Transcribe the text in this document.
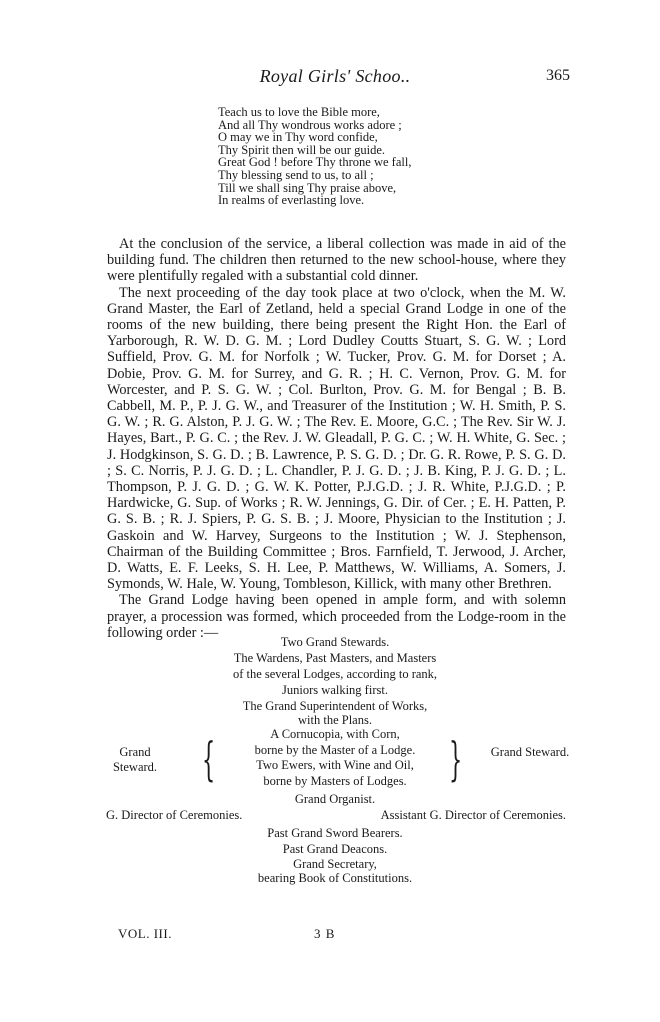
Royal Girls' Schoo..	365
Teach us to love the Bible more,
And all Thy wondrous works adore ;
O may we in Thy word confide,
Thy Spirit then will be our guide.
Great God ! before Thy throne we fall,
Thy blessing send to us, to all ;
Till we shall sing Thy praise above,
In realms of everlasting love.

At the conclusion of the service, a liberal collection was made in aid of the building fund. The children then returned to the new school-house, where they were plentifully regaled with a substantial cold dinner.

The next proceeding of the day took place at two o'clock, when the M. W. Grand Master, the Earl of Zetland, held a special Grand Lodge in one of the rooms of the new building, there being present the Right Hon. the Earl of Yarborough, R. W. D. G. M. ; Lord Dudley Coutts Stuart, S. G. W. ; Lord Suffield, Prov. G. M. for Norfolk ; W. Tucker, Prov. G. M. for Dorset ; A. Dobie, Prov. G. M. for Surrey, and G. R. ; H. C. Vernon, Prov. G. M. for Worcester, and P. S. G. W. ; Col. Burlton, Prov. G. M. for Bengal ; B. B. Cabbell, M. P., P. J. G. W., and Treasurer of the Institution ; W. H. Smith, P. S. G. W. ; R. G. Alston, P. J. G. W. ; The Rev. E. Moore, G.C. ; The Rev. Sir W. J. Hayes, Bart., P. G. C. ; the Rev. J. W. Gleadall, P. G. C. ; W. H. White, G. Sec. ; J. Hodgkinson, S. G. D. ; B. Lawrence, P. S. G. D. ; Dr. G. R. Rowe, P. S. G. D. ; S. C. Norris, P. J. G. D. ; L. Chandler, P. J. G. D. ; J. B. King, P. J. G. D. ; L. Thompson, P. J. G. D. ; G. W. K. Potter, P.J.G.D. ; J. R. White, P.J.G.D. ; P. Hardwicke, G. Sup. of Works ; R. W. Jennings, G. Dir. of Cer. ; E. H. Patten, P. G. S. B. ; R. J. Spiers, P. G. S. B. ; J. Moore, Physician to the Institution ; J. Gaskoin and W. Harvey, Surgeons to the Institution ; W. J. Stephenson, Chairman of the Building Committee ; Bros. Farnfield, T. Jerwood, J. Archer, D. Watts, E. F. Leeks, S. H. Lee, P. Matthews, W. Williams, A. Somers, J. Symonds, W. Hale, W. Young, Tombleson, Killick, with many other Brethren.

The Grand Lodge having been opened in ample form, and with solemn prayer, a procession was formed, which proceeded from the Lodge-room in the following order :—

Two Grand Stewards.
The Wardens, Past Masters, and Masters
of the several Lodges, according to rank,
Juniors walking first.
The Grand Superintendent of Works,
with the Plans.
Grand Steward. {	A Cornucopia, with Corn,
borne by the Master of a Lodge.
Two Ewers, with Wine and Oil,
borne by Masters of Lodges. } Grand Steward.
Grand Organist.
G. Director of Ceremonies.	Assistant G. Director of Ceremonies.
Past Grand Sword Bearers.
Past Grand Deacons.
Grand Secretary,
bearing Book of Constitutions.
VOL. III.	3 B
